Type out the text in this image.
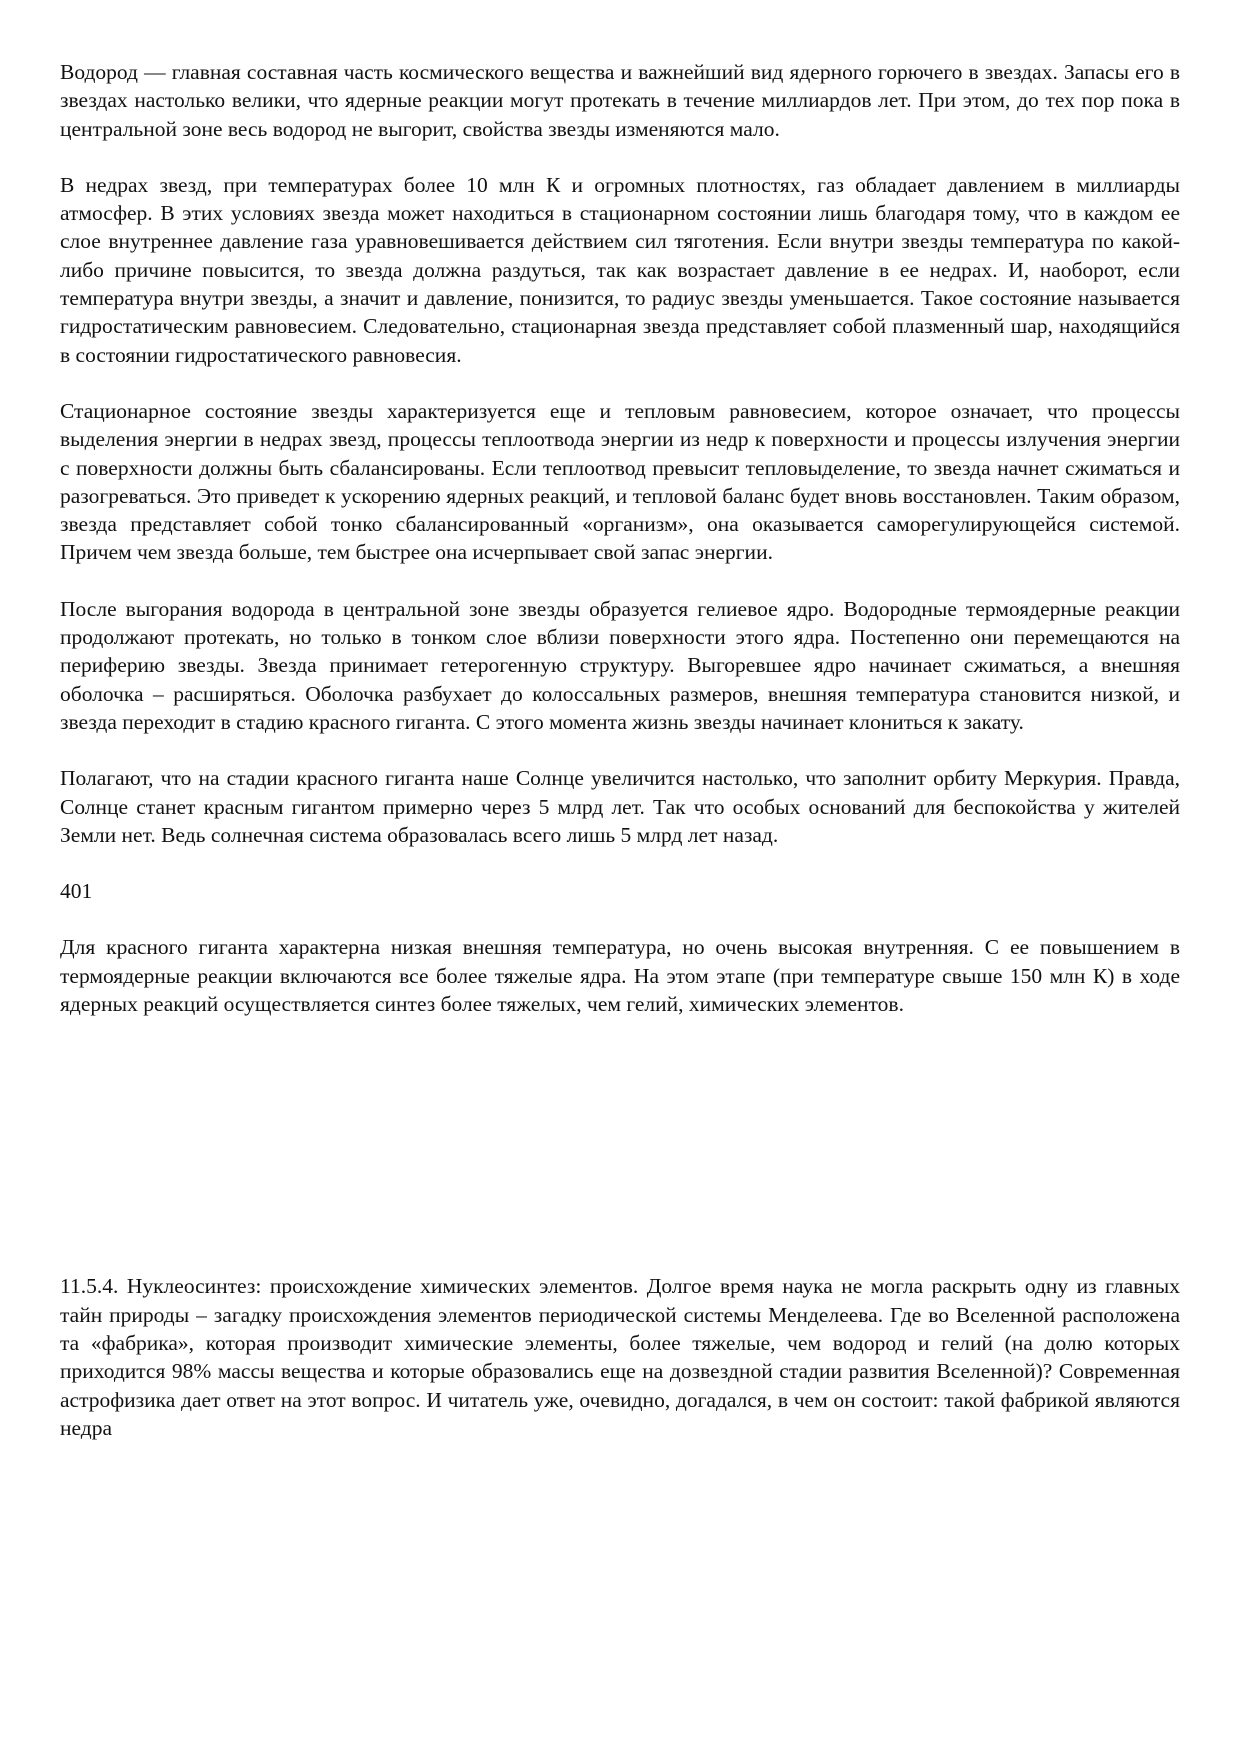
Водород — главная составная часть космического вещества и важнейший вид ядерного горючего в звездах. Запасы его в звездах настолько велики, что ядерные реакции могут протекать в течение миллиардов лет. При этом, до тех пор пока в центральной зоне весь водород не выгорит, свойства звезды изменяются мало.

В недрах звезд, при температурах более 10 млн К и огромных плотностях, газ обладает давлением в миллиарды атмосфер. В этих условиях звезда может находиться в стационарном состоянии лишь благодаря тому, что в каждом ее слое внутреннее давление газа уравновешивается действием сил тяготения. Если внутри звезды температура по какой-либо причине повысится, то звезда должна раздуться, так как возрастает давление в ее недрах. И, наоборот, если температура внутри звезды, а значит и давление, понизится, то радиус звезды уменьшается. Такое состояние называется гидростатическим равновесием. Следовательно, стационарная звезда представляет собой плазменный шар, находящийся в состоянии гидростатического равновесия.

Стационарное состояние звезды характеризуется еще и тепловым равновесием, которое означает, что процессы выделения энергии в недрах звезд, процессы теплоотвода энергии из недр к поверхности и процессы излучения энергии с поверхности должны быть сбалансированы. Если теплоотвод превысит тепловыделение, то звезда начнет сжиматься и разогреваться. Это приведет к ускорению ядерных реакций, и тепловой баланс будет вновь восстановлен. Таким образом, звезда представляет собой тонко сбалансированный «организм», она оказывается саморегулирующейся системой. Причем чем звезда больше, тем быстрее она исчерпывает свой запас энергии.

После выгорания водорода в центральной зоне звезды образуется гелиевое ядро. Водородные термоядерные реакции продолжают протекать, но только в тонком слое вблизи поверхности этого ядра. Постепенно они перемещаются на периферию звезды. Звезда принимает гетерогенную структуру. Выгоревшее ядро начинает сжиматься, а внешняя оболочка – расширяться. Оболочка разбухает до колоссальных размеров, внешняя температура становится низкой, и звезда переходит в стадию красного гиганта. С этого момента жизнь звезды начинает клониться к закату.

Полагают, что на стадии красного гиганта наше Солнце увеличится настолько, что заполнит орбиту Меркурия. Правда, Солнце станет красным гигантом примерно через 5 млрд лет. Так что особых оснований для беспокойства у жителей Земли нет. Ведь солнечная система образовалась всего лишь 5 млрд лет назад.

401

Для красного гиганта характерна низкая внешняя температура, но очень высокая внутренняя. С ее повышением в термоядерные реакции включаются все более тяжелые ядра. На этом этапе (при температуре свыше 150 млн К) в ходе ядерных реакций осуществляется синтез более тяжелых, чем гелий, химических элементов.

11.5.4. Нуклеосинтез: происхождение химических элементов. Долгое время наука не могла раскрыть одну из главных тайн природы – загадку происхождения элементов периодической системы Менделеева. Где во Вселенной расположена та «фабрика», которая производит химические элементы, более тяжелые, чем водород и гелий (на долю которых приходится 98% массы вещества и которые образовались еще на дозвездной стадии развития Вселенной)? Современная астрофизика дает ответ на этот вопрос. И читатель уже, очевидно, догадался, в чем он состоит: такой фабрикой являются недра
